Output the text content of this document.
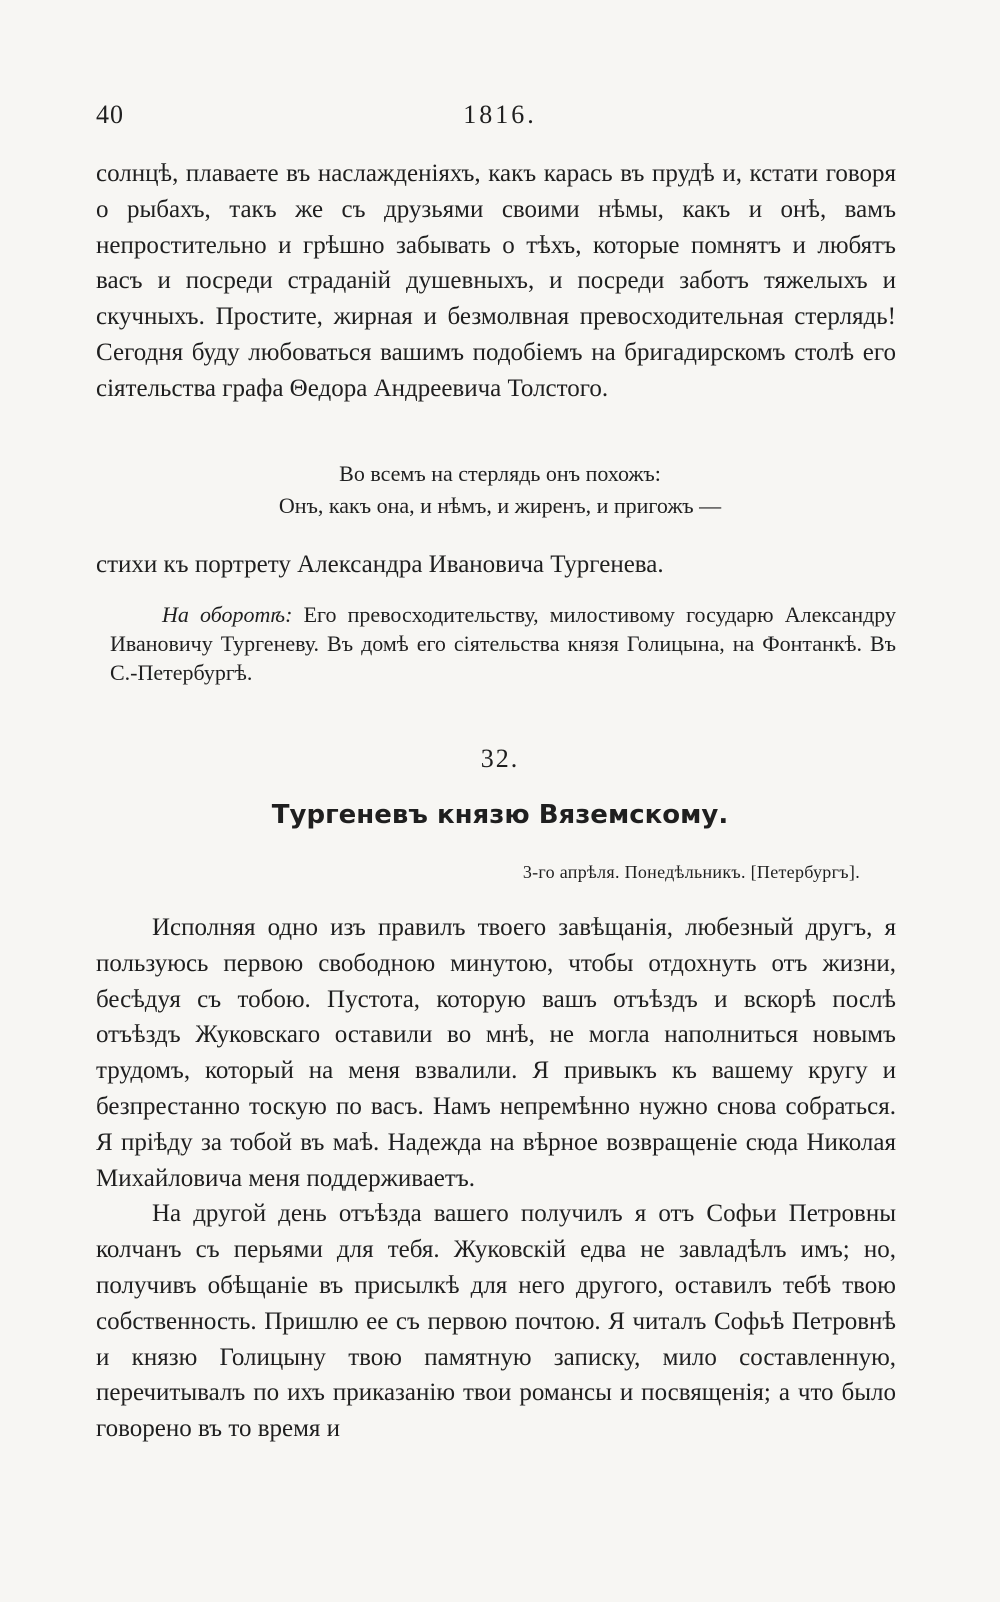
40	1816.

солнцѣ, плаваете въ наслажденіяхъ, какъ карась въ прудѣ и, кстати говоря о рыбахъ, такъ же съ друзьями своими нѣмы, какъ и онѣ, вамъ непростительно и грѣшно забывать о тѣхъ, которые помнятъ и любятъ васъ и посреди страданій душевныхъ, и посреди заботъ тяжелыхъ и скучныхъ. Простите, жирная и безмолвная превосходительная стерлядь! Сегодня буду любоваться вашимъ подобіемъ на бригадирскомъ столѣ его сіятельства графа Θедора Андреевича Толстого.

Во всемъ на стерлядь онъ похожъ:
Онъ, какъ она, и нѣмъ, и жиренъ, и пригожъ —
стихи къ портрету Александра Ивановича Тургенева.
На оборотѣ: Его превосходительству, милостивому государю Александру Ивановичу Тургеневу. Въ домѣ его сіятельства князя Голицына, на Фонтанкѣ. Въ С.-Петербургѣ.
32.
Тургеневъ князю Вяземскому.
3-го апрѣля. Понедѣльникъ. [Петербургъ].

Исполняя одно изъ правилъ твоего завѣщанія, любезный другъ, я пользуюсь первою свободною минутою, чтобы отдохнуть отъ жизни, бесѣдуя съ тобою. Пустота, которую вашъ отъѣздъ и вскорѣ послѣ отъѣздъ Жуковскаго оставили во мнѣ, не могла наполниться новымъ трудомъ, который на меня взвалили. Я привыкъ къ вашему кругу и безпрестанно тоскую по васъ. Намъ непремѣнно нужно снова собраться. Я пріѣду за тобой въ маѣ. Надежда на вѣрное возвращеніе сюда Николая Михайловича меня поддерживаетъ.

На другой день отъѣзда вашего получилъ я отъ Софьи Петровны колчанъ съ перьями для тебя. Жуковскій едва не завладѣлъ имъ; но, получивъ обѣщаніе въ присылкѣ для него другого, оставилъ тебѣ твою собственность. Пришлю ее съ первою почтою. Я читалъ Софьѣ Петровнѣ и князю Голицыну твою памятную записку, мило составленную, перечитывалъ по ихъ приказанію твои романсы и посвященія; а что было говорено въ то время и
